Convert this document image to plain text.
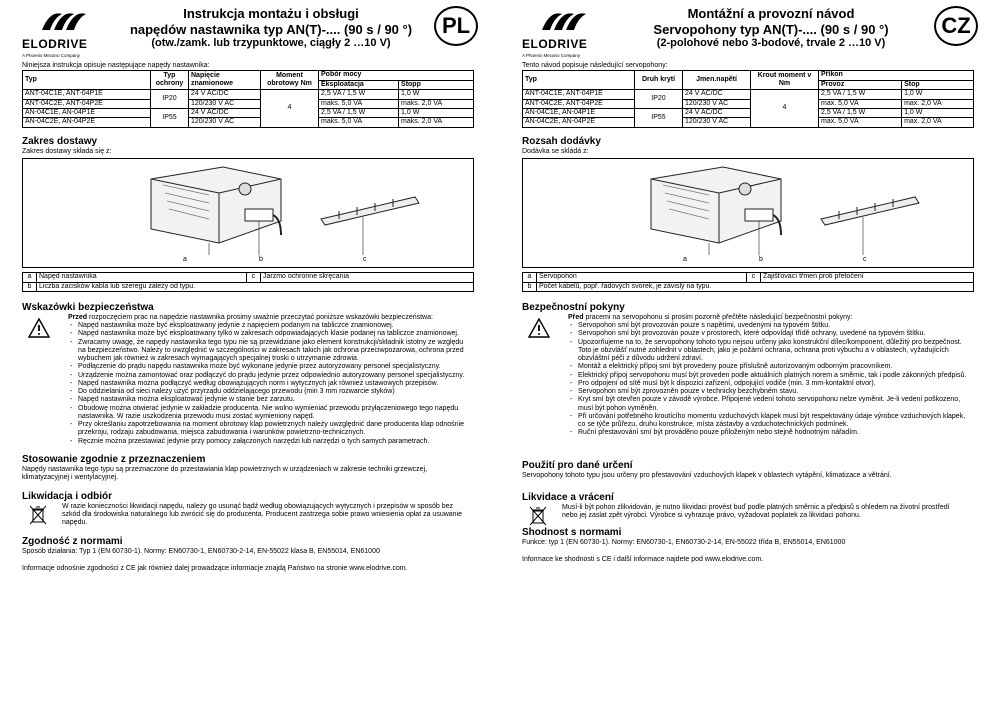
ELODRIVE
A Phoenix Mecano Company
Instrukcja montażu i obsługi
napędów nastawnika typ AN(T)-.... (90 s / 90 °)
(otw./zamk. lub trzypunktowe, ciągły 2 …10 V)
PL
Niniejsza instrukcja opisuje następujące napędy nastawnika:
Typ	Typ ochrony	Napięcie znamionowe	Moment obrotowy Nm	Pobór mocy	
				Eksploatacja	Stopp
ANT-04C1E, ANT-04P1E	IP20	24 V AC/DC	4	2,5 VA / 1,5 W	1,0 W
ANT-04C2E, ANT-04P2E		120/230 V AC		maks. 5,0 VA	maks. 2,0 VA
AN-04C1E, AN-04P1E	IP55	24 V AC/DC		2,5 VA / 1,5 W	1,0 W
AN-04C2E, AN-04P2E		120/230 V AC		maks. 5,0 VA	maks. 2,0 VA
Zakres dostawy
Zakres dostawy składa się z:
a	b	c
a	Napęd nastawnika	c	Jarzmo ochronne skręcania
b	Liczba zacisków kabla lub szeregu zależy od typu.		
Wskazówki bezpieczeństwa
Przed rozpoczęciem prac na napędzie nastawnika prosimy uważnie przeczytać poniższe wskazówki bezpieczeństwa:
- Napęd nastawnika może być eksploatowany jedynie z napięciem podanym na tabliczce znamionowej.
- Napęd nastawnika może być eksploatowany tylko w zakresach odpowiadających klasie podanej na tabliczce znamionowej.
- Zwracamy uwagę, że napędy nastawnika tego typu nie są przewidziane jako element konstrukcji/składnik istotny ze względu na bezpieczeństwo. Należy to uwzględnić w szczególności w zakresach takich jak ochrona przeciwpożarowa, ochrona przed wybuchem jak również w zakresach wymagających specjalnej troski o utrzymanie zdrowia.
- Podłączenie do prądu napędu nastawnika może być wykonane jedynie przez autoryzowany personel specjalistyczny.
- Urządzenie można zamontować oraz podłączyć do prądu jedynie przez odpowiednio autoryzowany personel specjalistyczny.
- Napęd nastawnika można podłączyć według obowiązujących norm i wytycznych jak również ustawowych przepisów.
- Do oddzielania od sieci należy użyć przyrządu oddzielającego przewodu (min 3 mm rozwarcie styków)
- Napęd nastawnika można eksploatować jedynie w stanie bez zarzutu.
- Obudowę można otwierać jedynie w zakładzie producenta. Nie wolno wymieniać przewodu przyłączeniowego tego napędu nastawnika. W razie uszkodzenia przewodu musi zostać wymieniony napęd.
- Przy określaniu zapotrzebowania na moment obrotowy klap powietrznych należy uwzględnić dane producenta klap odnośnie przekroju, rodzaju zabudowania, miejsca zabudowania i warunków powietrzno-technicznych.
- Ręcznie można przestawiać jedynie przy pomocy załączonych narzędzi lub narzędzi o tych samych parametrach.
Stosowanie zgodnie z przeznaczeniem
Napędy nastawnika tego typu są przeznaczone do przestawiania klap powietrznych w urządzeniach w zakresie techniki grzewczej, klimatyzacyjnej i wentylacyjnej.
Likwidacja i odbiór
W razie konieczności likwidacji napędu, należy go usunąć bądź według obowiązujących wytycznych i przepisów w sposób bez szkód dla środowiska naturalnego lub zwrócić się do producenta. Producent zastrzega sobie prawo wniesienia opłat za usuwanie napędu.
Zgodność z normami
Sposób działania: Typ 1 (EN 60730-1). Normy: EN60730-1, EN60730-2-14, EN-55022 klasa B, EN55014, EN61000
Informacje odnośnie zgodności z CE jak również dalej prowadzące informacje znajdą Państwo na stronie www.elodrive.com.
ELODRIVE
A Phoenix Mecano Company
Montážní a provozní návod
Servopohony typ AN(T)-.... (90 s / 90 °)
(2-polohové nebo 3-bodové, trvale 2 …10 V)
CZ
Tento návod popisuje následující servopohony:
Typ	Druh krytí	Jmen.napětí	Krout moment v Nm	Příkon	
				Provoz	Stop
ANT-04C1E, ANT-04P1E	IP20	24 V AC/DC	4	2,5 VA / 1,5 W	1,0 W
ANT-04C2E, ANT-04P2E		120/230 V AC		max. 5,0 VA	max. 2,0 VA
AN-04C1E, AN-04P1E	IP55	24 V AC/DC		2,5 VA / 1,5 W	1,0 W
AN-04C2E, AN-04P2E		120/230 V AC		max. 5,0 VA	max. 2,0 VA
Rozsah dodávky
Dodávka se skládá z:
a	b	c
a	Servopohon	c	Zajišťovací třmen proti přetočení
b	Počet kabelů, popř. řadových svorek, je závislý na typu.		
Bezpečnostní pokyny
Před pracemi na servopohonu si prosím pozorně přečtěte následující bezpečnostní pokyny:
- Servopohon smí být provozován pouze s napětími, uvedenými na typovém štítku.
- Servopohon smí být provozován pouze v prostorech, které odpovídají třídě ochrany, uvedené na typovém štítku.
- Upozorňujeme na to, že servopohony tohoto typu nejsou určeny jako konstrukční dílec/komponent, důležitý pro bezpečnost. Toto je obzvlášť nutné zohlednit v oblastech, jako je požární ochrana, ochrana proti výbuchu a v oblastech, vyžadujících obzvláštní péči z důvodu udržení zdraví.
- Montáž a elektrický přípoj smí být provedeny pouze příslušně autorizovaným odborným pracovníkem.
- Elektrický přípoj servopohonu musí být proveden podle aktuálních platných norem a směrnic, tak i podle zákonných předpisů.
- Pro odpojení od sítě musí být k dispozici zařízení, odpojující vodiče (min. 3 mm-kontaktní otvor).
- Servopohon smí být zprovozněn pouze v technicky bezchybném stavu.
- Kryt smí být otevřen pouze v závodě výrobce. Připojené vedení tohoto servopohonu nelze vyměnit. Je-li vedení poškozeno, musí být pohon vyměněn.
- Při určování potřebného kroutícího momentu vzduchových klapek musí být respektovány údaje výrobce vzduchových klapek, co se týče průřezu, druhu konstrukce, místa zástavby a vzduchotechnických podmínek.
- Ruční přestavování smí být prováděno pouze přiloženým nebo stejně hodnotným nářadím.
Použití pro dané určení
Servopohony tohoto typu jsou určeny pro přestavování vzduchových klapek v oblastech vytápění, klimatizace a větrání.
Likvidace a vrácení
Musí-li být pohon zlikvidován, je nutno likvidaci provést buď podle platných směrnic a předpisů s ohledem na životní prostředí nebo jej zaslat zpět výrobci. Výrobce si vyhrazuje právo, vyžadovat poplatek za likvidaci pohonu.
Shodnost s normami
Funkce: typ 1 (EN 60730-1). Normy: EN60730-1, EN60730-2-14, EN-55022 třída B, EN55014, EN61000
Informace ke shodnosti s CE i další informace najdete pod www.elodrive.com.
